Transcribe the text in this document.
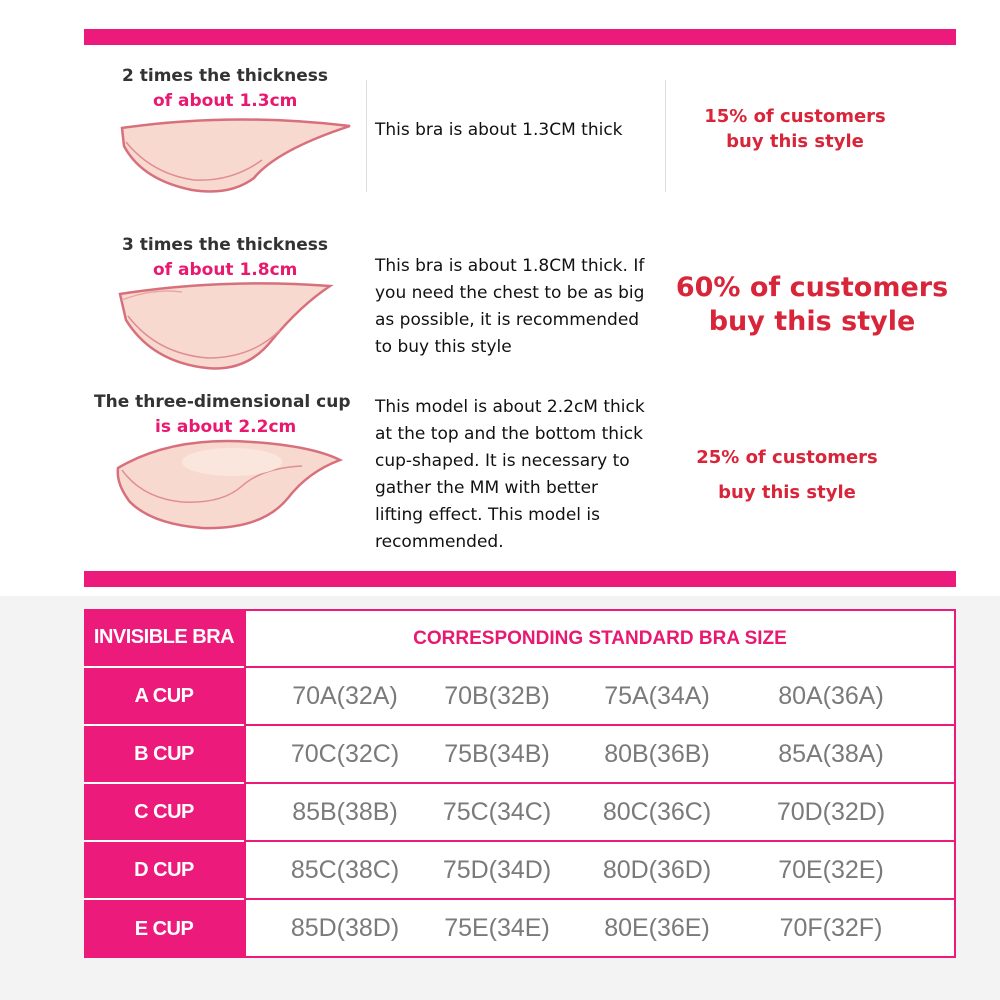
2 times the thickness
of about 1.3cm
This bra is about 1.3CM thick
15% of customers
buy this style
3 times the thickness
of about 1.8cm	This bra is about 1.8CM thick. If
you need the chest to be as big
as possible, it is recommended
to buy this style
60% of customers
buy this style
The three-dimensional cup
is about 2.2cm
This model is about 2.2cM thick
at the top and the bottom thick
cup-shaped. It is necessary to
gather the MM with better
lifting effect. This model is
recommended.
25% of customers
buy this style
INVISIBLE BRA	CORRESPONDING STANDARD BRA SIZE
A CUP	70A(32A)	70B(32B)	75A(34A)	80A(36A)
B CUP	70C(32C)	75B(34B)	80B(36B)	85A(38A)
C CUP	85B(38B)	75C(34C)	80C(36C)	70D(32D)
D CUP	85C(38C)	75D(34D)	80D(36D)	70E(32E)
E CUP	85D(38D)	75E(34E)	80E(36E)	70F(32F)
